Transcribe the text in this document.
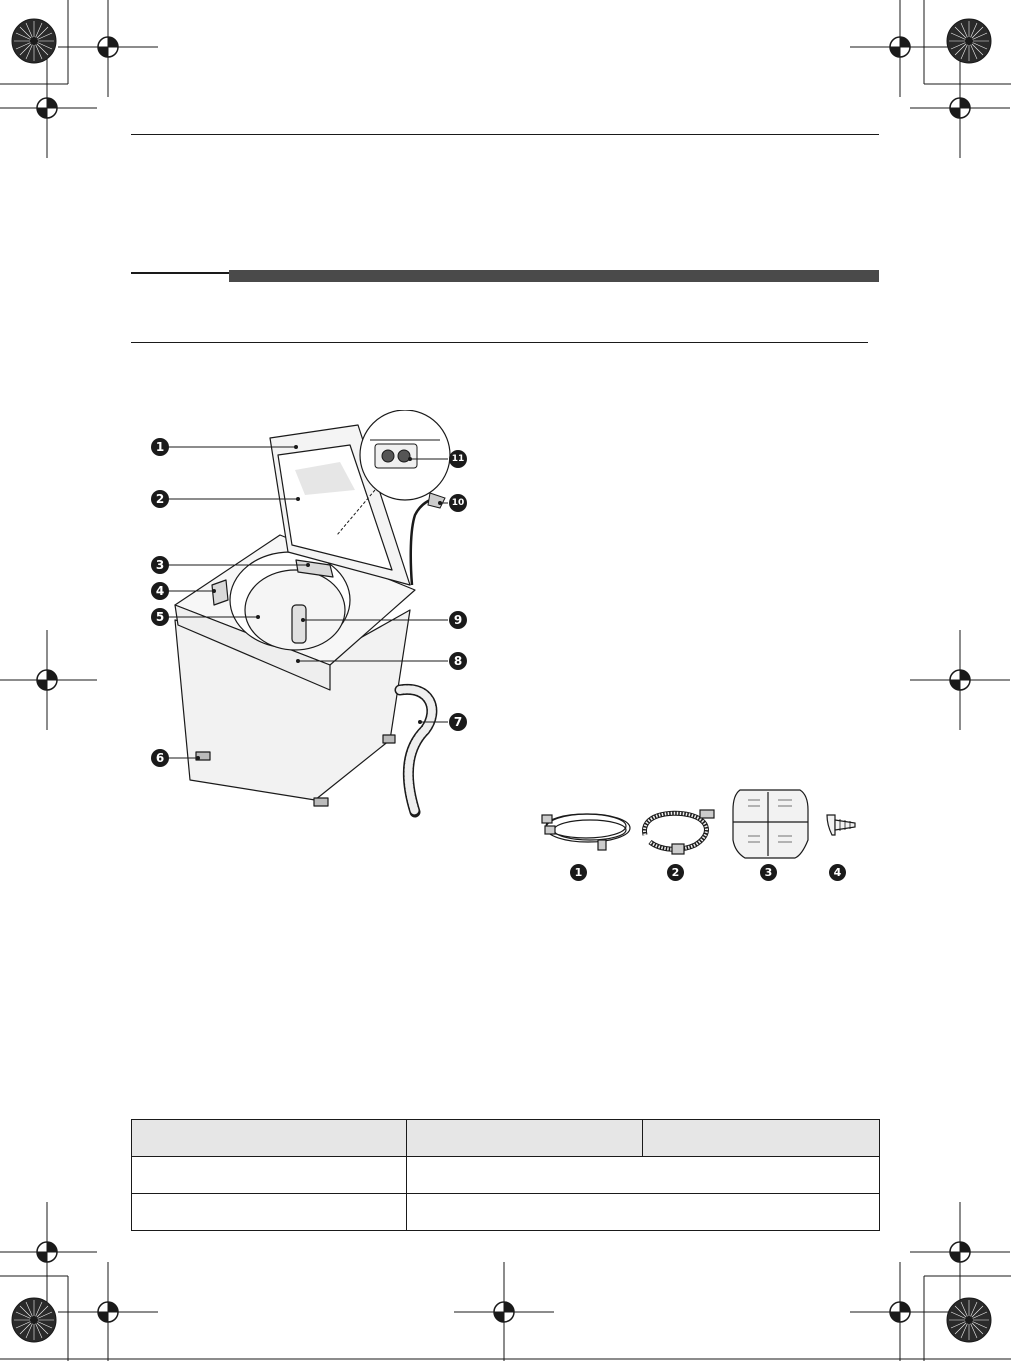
1
2
3
4
5
6
7
8
9
10
11
1	2	3	4
